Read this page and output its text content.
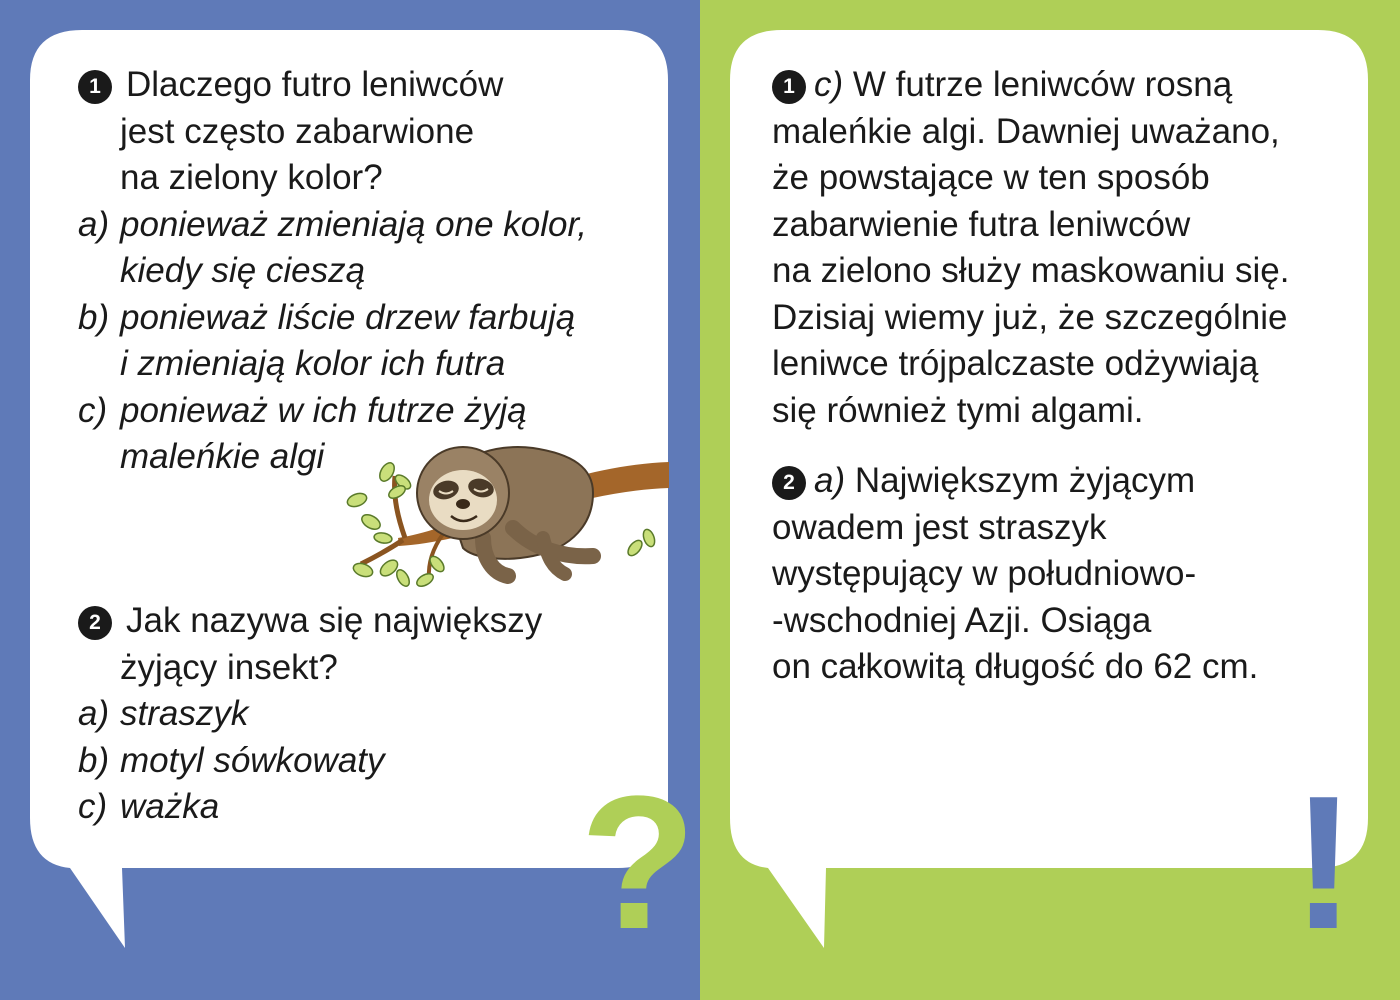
1 Dlaczego futro leniwców
jest często zabarwione
na zielony kolor?
a) ponieważ zmieniają one kolor,
kiedy się cieszą
b) ponieważ liście drzew farbują
i zmieniają kolor ich futra
c) ponieważ w ich futrze żyją
maleńkie algi
2 Jak nazywa się największy
żyjący insekt?
a) straszyk
b) motyl sówkowaty
c) ważka ?
1 c) W futrze leniwców rosną
maleńkie algi. Dawniej uważano,
że powstające w ten sposób
zabarwienie futra leniwców
na zielono służy maskowaniu się.
Dzisiaj wiemy już, że szczególnie
leniwce trójpalczaste odżywiają
się również tymi algami.
2 a) Największym żyjącym
owadem jest straszyk
występujący w południowo-
-wschodniej Azji. Osiąga
on całkowitą długość do 62 cm.
!
